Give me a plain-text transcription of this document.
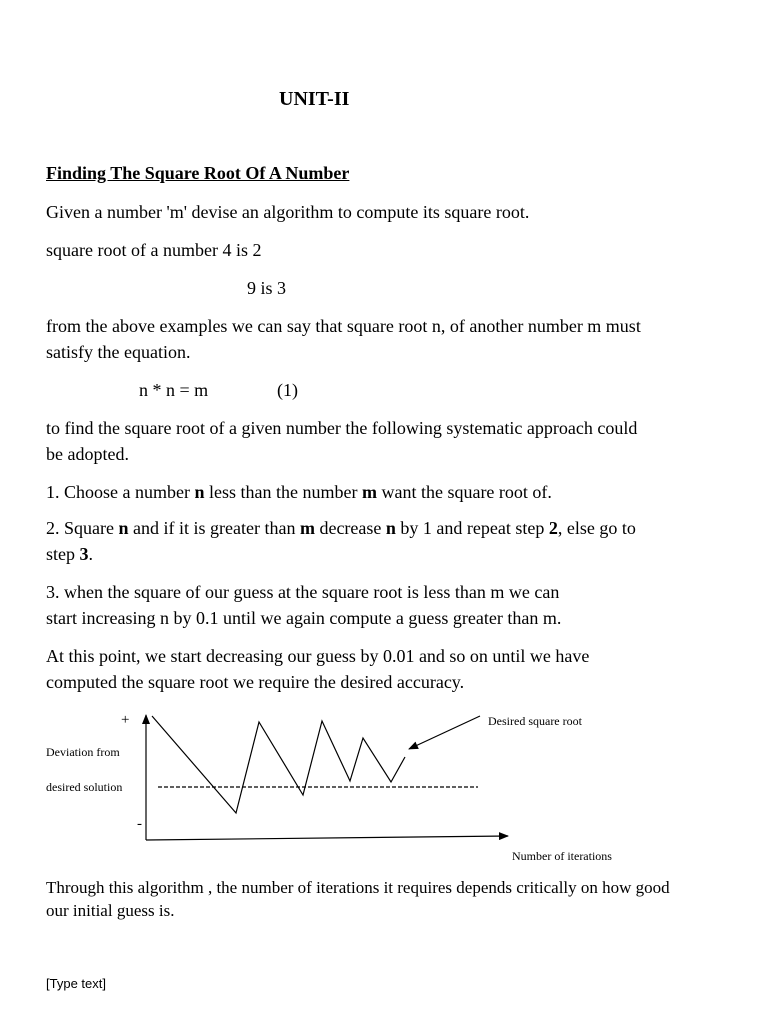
UNIT-II
Finding The Square Root Of A Number
Given a number 'm' devise an algorithm to compute its square root.
square root of a number 4 is 2
9 is 3
from the above examples we can say that square root n, of another number m must
satisfy the equation.
n * n = m	(1)
to find the square root of a given number the following systematic approach could
be adopted.
1. Choose a number n less than the number m want the square root of.
2. Square n and if it is greater than m decrease n by 1 and repeat step 2, else go to
step 3.
3. when the square of our guess at the square root is less than m we can
start increasing n by 0.1 until we again compute a guess greater than m.
At this point, we start decreasing our guess by 0.01 and so on until we have
computed the square root we require the desired accuracy.
+
-
Deviation from
desired solution
Desired square root
Number of iterations
Through this algorithm , the number of iterations it requires depends critically on how good
our initial guess is.
[Type text]
